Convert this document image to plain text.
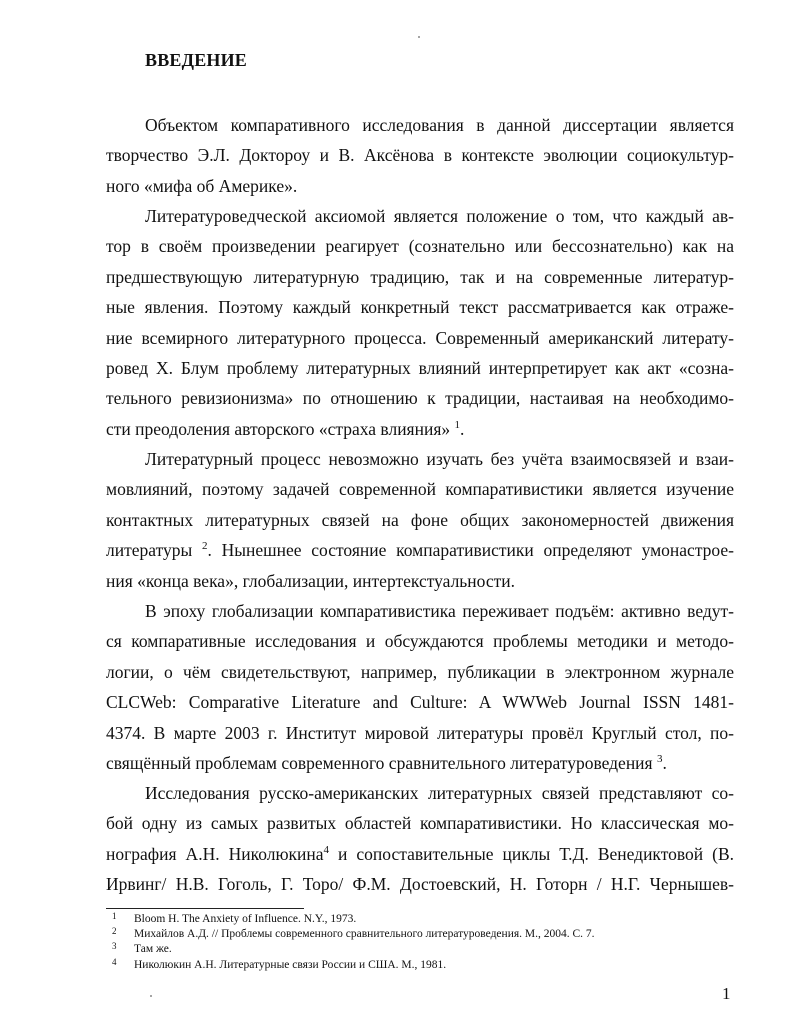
ВВЕДЕНИЕ
Объектом компаративного исследования в данной диссертации является
творчество Э.Л. Доктороу и В. Аксёнова в контексте эволюции социокультур-
ного «мифа об Америке».
Литературоведческой аксиомой является положение о том, что каждый ав-
тор в своём произведении реагирует (сознательно или бессознательно) как на
предшествующую литературную традицию, так и на современные литератур-
ные явления. Поэтому каждый конкретный текст рассматривается как отраже-
ние всемирного литературного процесса. Современный американский литерату-
ровед Х. Блум проблему литературных влияний интерпретирует как акт «созна-
тельного ревизионизма» по отношению к традиции, настаивая на необходимо-
сти преодоления авторского «страха влияния» $^1$.
Литературный процесс невозможно изучать без учёта взаимосвязей и взаи-
мовлияний, поэтому задачей современной компаративистики является изучение
контактных литературных связей на фоне общих закономерностей движения
литературы $^2$. Нынешнее состояние компаративистики определяют умонастрое-
ния «конца века», глобализации, интертекстуальности.
В эпоху глобализации компаративистика переживает подъём: активно ведут-
ся компаративные исследования и обсуждаются проблемы методики и методо-
логии, о чём свидетельствуют, например, публикации в электронном журнале
CLCWeb: Comparative Literature and Culture: A WWWeb Journal ISSN 1481-
4374. В марте 2003 г. Институт мировой литературы провёл Круглый стол, по-
свящённый проблемам современного сравнительного литературоведения $^3$.
Исследования русско-американских литературных связей представляют со-
бой одну из самых развитых областей компаративистики. Но классическая мо-
нография А.Н. Николюкина$^4$ и сопоставительные циклы Т.Д. Венедиктовой (В.
Ирвинг/ Н.В. Гоголь, Г. Торо/ Ф.М. Достоевский, Н. Готорн / Н.Г. Чернышев-
1	Bloom H. The Anxiety of Influence. N.Y., 1973.
2	Михайлов А.Д. // Проблемы современного сравнительного литературоведения. М., 2004. С. 7.
3	Там же.
4	Николюкин А.Н. Литературные связи России и США. М., 1981.
1
